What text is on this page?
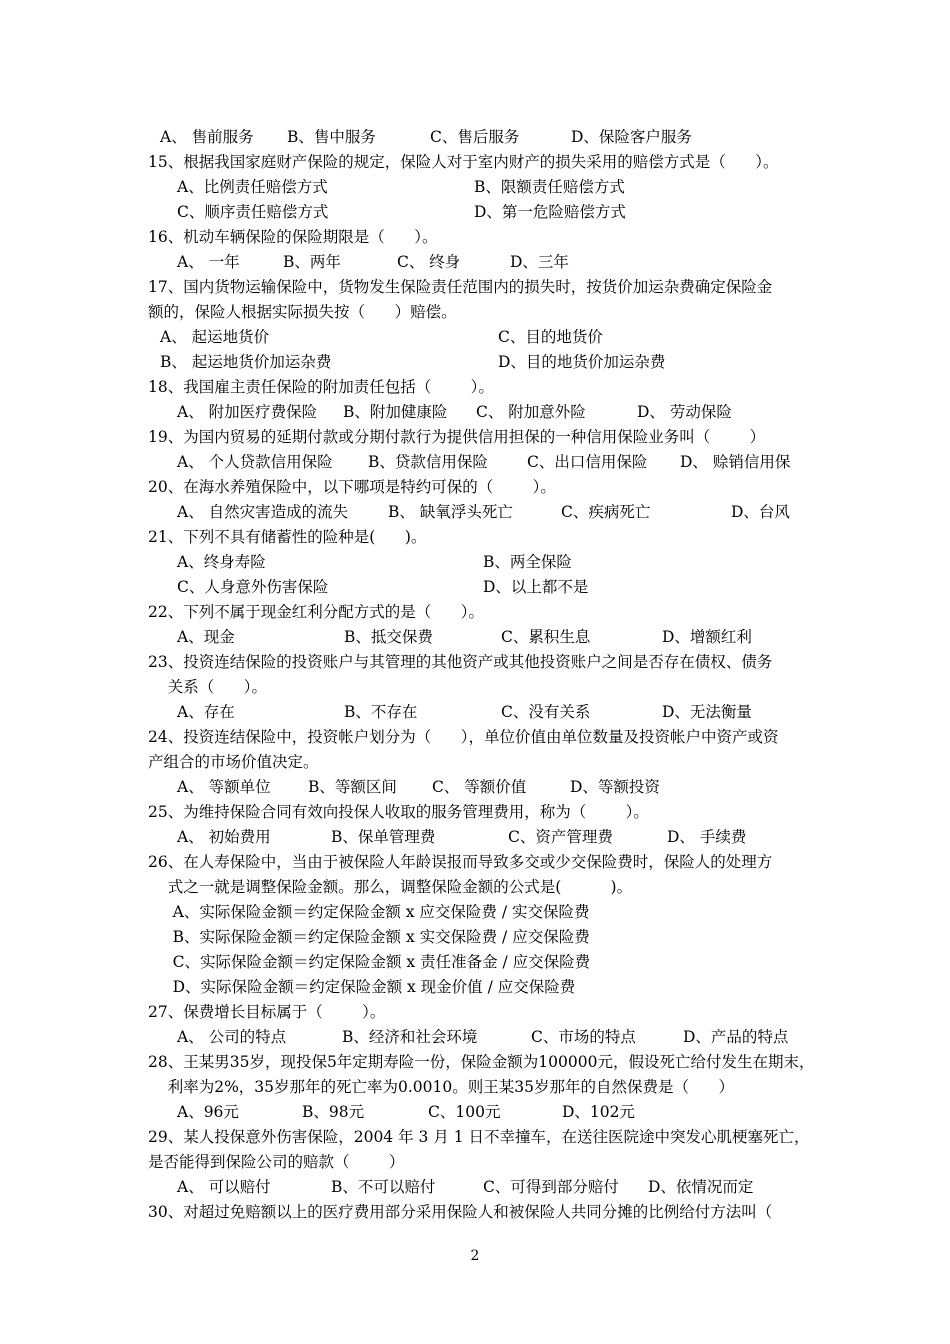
A、 售前服务 B、售中服务	C、售后服务	D、保险客户服务
15、根据我国家庭财产保险的规定，保险人对于室内财产的损失采用的赔偿方式是（      ）。
A、比例责任赔偿方式	B、限额责任赔偿方式
C、顺序责任赔偿方式	D、第一危险赔偿方式
16、机动车辆保险的保险期限是（      ）。
A、 一年	B、两年	C、 终身	D、三年
17、国内货物运输保险中，货物发生保险责任范围内的损失时，按货价加运杂费确定保险金
额的，保险人根据实际损失按（      ）赔偿。
A、 起运地货价	C、目的地货价
B、 起运地货价加运杂费	D、目的地货价加运杂费
18、我国雇主责任保险的附加责任包括（        ）。
A、 附加医疗费保险 B、附加健康险 C、 附加意外险	D、 劳动保险
19、为国内贸易的延期付款或分期付款行为提供信用担保的一种信用保险业务叫（        ）
A、 个人贷款信用保险 B、贷款信用保险	C、出口信用保险 D、 赊销信用保
20、在海水养殖保险中，以下哪项是特约可保的（        ）。
A、 自然灾害造成的流失	B、 缺氧浮头死亡	C、疾病死亡	D、台风
21、下列不具有储蓄性的险种是(      )。
A、终身寿险	B、两全保险
C、人身意外伤害保险	D、以上都不是
22、下列不属于现金红利分配方式的是（      ）。
A、现金	B、抵交保费	C、累积生息	D、增额红利
23、投资连结保险的投资账户与其管理的其他资产或其他投资账户之间是否存在债权、债务
关系（      ）。
A、存在	B、不存在	C、没有关系	D、无法衡量
24、投资连结保险中，投资帐户划分为（      ），单位价值由单位数量及投资帐户中资产或资
产组合的市场价值决定。
A、 等额单位 B、等额区间 C、 等额价值	D、等额投资
25、为维持保险合同有效向投保人收取的服务管理费用，称为（        ）。
A、 初始费用	B、保单管理费	C、资产管理费	D、 手续费
26、在人寿保险中，当由于被保险人年龄误报而导致多交或少交保险费时，保险人的处理方
式之一就是调整保险金额。那么，调整保险金额的公式是(          )。
A、实际保险金额＝约定保险金额 x 应交保险费 / 实交保险费
B、实际保险金额＝约定保险金额 x 实交保险费 / 应交保险费
C、实际保险金额＝约定保险金额 x 责任准备金 / 应交保险费
D、实际保险金额＝约定保险金额 x 现金价值 / 应交保险费
27、保费增长目标属于（        ）。
A、 公司的特点	B、经济和社会环境	C、市场的特点	D、产品的特点
28、王某男35岁，现投保5年定期寿险一份，保险金额为100000元，假设死亡给付发生在期末，
利率为2%，35岁那年的死亡率为0.0010。则王某35岁那年的自然保费是（      ）
A、96元	B、98元	C、100元	D、102元
29、某人投保意外伤害保险，2004 年 3 月 1 日不幸撞车，在送往医院途中突发心肌梗塞死亡，
是否能得到保险公司的赔款（        ）
A、 可以赔付	B、不可以赔付	C、可得到部分赔付 D、依情况而定
30、对超过免赔额以上的医疗费用部分采用保险人和被保险人共同分摊的比例给付方法叫（
2
